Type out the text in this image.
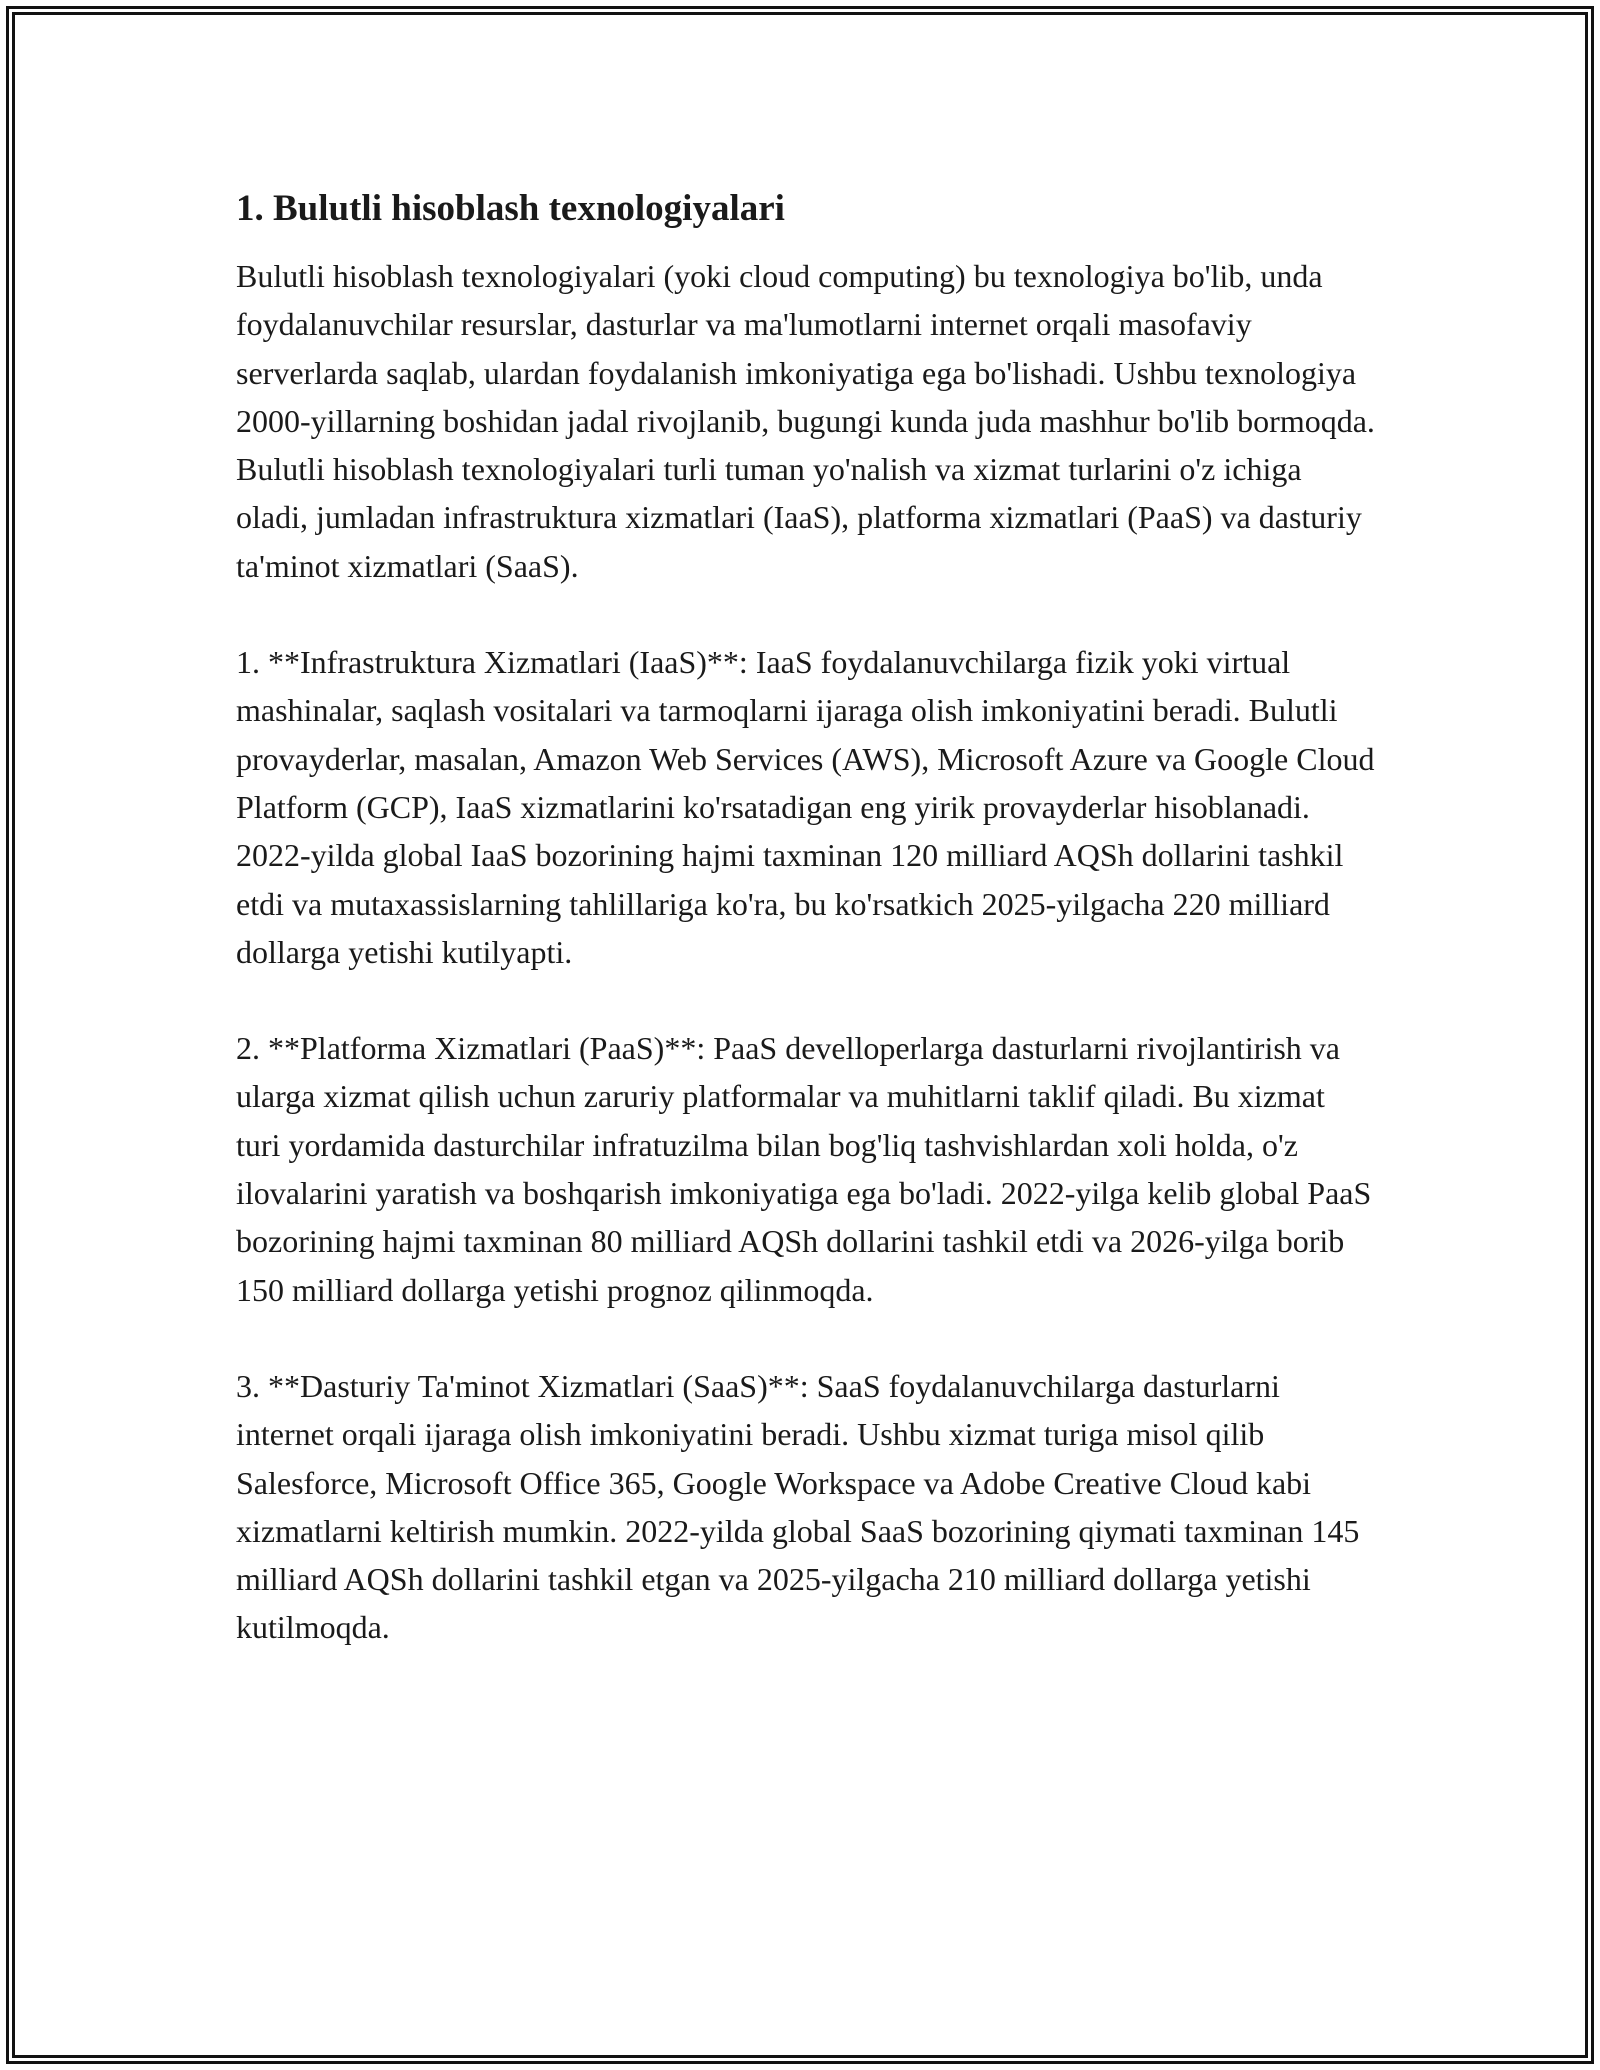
1. Bulutli hisoblash texnologiyalari

Bulutli hisoblash texnologiyalari (yoki cloud computing) bu texnologiya bo'lib, unda foydalanuvchilar resurslar, dasturlar va ma'lumotlarni internet orqali masofaviy serverlarda saqlab, ulardan foydalanish imkoniyatiga ega bo'lishadi. Ushbu texnologiya 2000-yillarning boshidan jadal rivojlanib, bugungi kunda juda mashhur bo'lib bormoqda. Bulutli hisoblash texnologiyalari turli tuman yo'nalish va xizmat turlarini o'z ichiga oladi, jumladan infrastruktura xizmatlari (IaaS), platforma xizmatlari (PaaS) va dasturiy ta'minot xizmatlari (SaaS).

1. **Infrastruktura Xizmatlari (IaaS)**: IaaS foydalanuvchilarga fizik yoki virtual mashinalar, saqlash vositalari va tarmoqlarni ijaraga olish imkoniyatini beradi. Bulutli provayderlar, masalan, Amazon Web Services (AWS), Microsoft Azure va Google Cloud Platform (GCP), IaaS xizmatlarini ko'rsatadigan eng yirik provayderlar hisoblanadi. 2022-yilda global IaaS bozorining hajmi taxminan 120 milliard AQSh dollarini tashkil etdi va mutaxassislarning tahlillariga ko'ra, bu ko'rsatkich 2025-yilgacha 220 milliard dollarga yetishi kutilyapti.

2. **Platforma Xizmatlari (PaaS)**: PaaS develloperlarga dasturlarni rivojlantirish va ularga xizmat qilish uchun zaruriy platformalar va muhitlarni taklif qiladi. Bu xizmat turi yordamida dasturchilar infratuzilma bilan bog'liq tashvishlardan xoli holda, o'z ilovalarini yaratish va boshqarish imkoniyatiga ega bo'ladi. 2022-yilga kelib global PaaS bozorining hajmi taxminan 80 milliard AQSh dollarini tashkil etdi va 2026-yilga borib 150 milliard dollarga yetishi prognoz qilinmoqda.

3. **Dasturiy Ta'minot Xizmatlari (SaaS)**: SaaS foydalanuvchilarga dasturlarni internet orqali ijaraga olish imkoniyatini beradi. Ushbu xizmat turiga misol qilib Salesforce, Microsoft Office 365, Google Workspace va Adobe Creative Cloud kabi xizmatlarni keltirish mumkin. 2022-yilda global SaaS bozorining qiymati taxminan 145 milliard AQSh dollarini tashkil etgan va 2025-yilgacha 210 milliard dollarga yetishi kutilmoqda.
